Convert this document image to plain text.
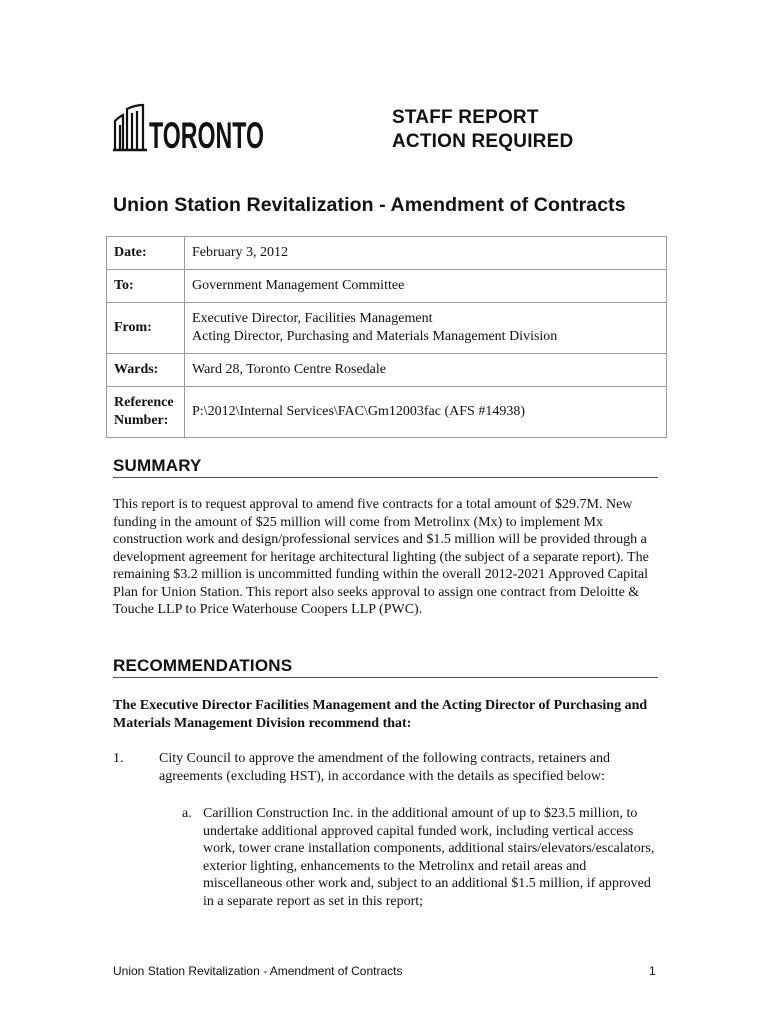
TORONTO	STAFF REPORT
ACTION REQUIRED
Union Station Revitalization - Amendment of Contracts
Date:	February 3, 2012
To:	Government Management Committee
From:	Executive Director, Facilities Management
Acting Director, Purchasing and Materials Management Division

Wards:	Ward 28, Toronto Centre Rosedale

Reference
Number:	P:\2012\Internal Services\FAC\Gm12003fac (AFS #14938)
SUMMARY
This report is to request approval to amend five contracts for a total amount of $29.7M. New funding in the amount of $25 million will come from Metrolinx (Mx) to implement Mx construction work and design/professional services and $1.5 million will be provided through a development agreement for heritage architectural lighting (the subject of a separate report). The remaining $3.2 million is uncommitted funding within the overall 2012-2021 Approved Capital Plan for Union Station. This report also seeks approval to assign one contract from Deloitte & Touche LLP to Price Waterhouse Coopers LLP (PWC).
RECOMMENDATIONS
The Executive Director Facilities Management and the Acting Director of Purchasing and Materials Management Division recommend that:
1.	City Council to approve the amendment of the following contracts, retainers and agreements (excluding HST), in accordance with the details as specified below:
a. Carillion Construction Inc. in the additional amount of up to $23.5 million, to undertake additional approved capital funded work, including vertical access work, tower crane installation components, additional stairs/elevators/escalators, exterior lighting, enhancements to the Metrolinx and retail areas and miscellaneous other work and, subject to an additional $1.5 million, if approved in a separate report as set in this report;
Union Station Revitalization - Amendment of Contracts	1
